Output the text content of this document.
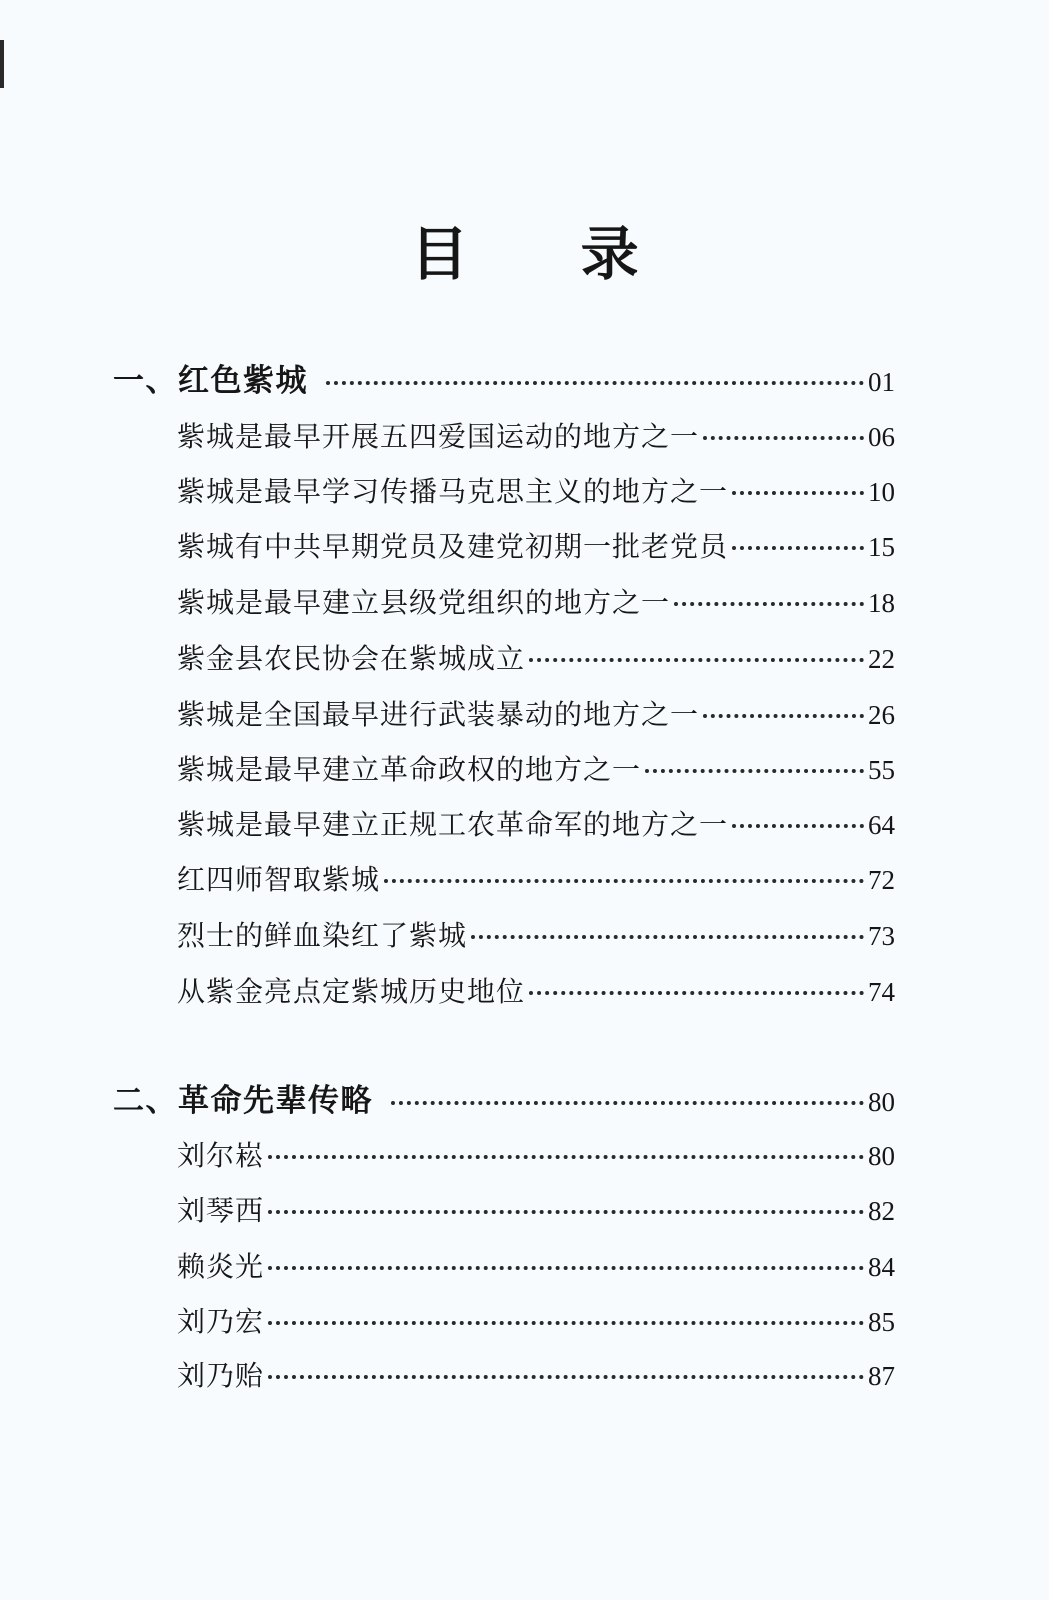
目 录
一、红色紫城	01
紫城是最早开展五四爱国运动的地方之一	06
紫城是最早学习传播马克思主义的地方之一	10
紫城有中共早期党员及建党初期一批老党员	15
紫城是最早建立县级党组织的地方之一	18
紫金县农民协会在紫城成立	22
紫城是全国最早进行武装暴动的地方之一	26
紫城是最早建立革命政权的地方之一	55
紫城是最早建立正规工农革命军的地方之一	64
红四师智取紫城	72
烈士的鲜血染红了紫城	73
从紫金亮点定紫城历史地位	74
二、革命先辈传略	80
刘尔崧	80
刘琴西	82
赖炎光	84
刘乃宏	85
刘乃贻	87
